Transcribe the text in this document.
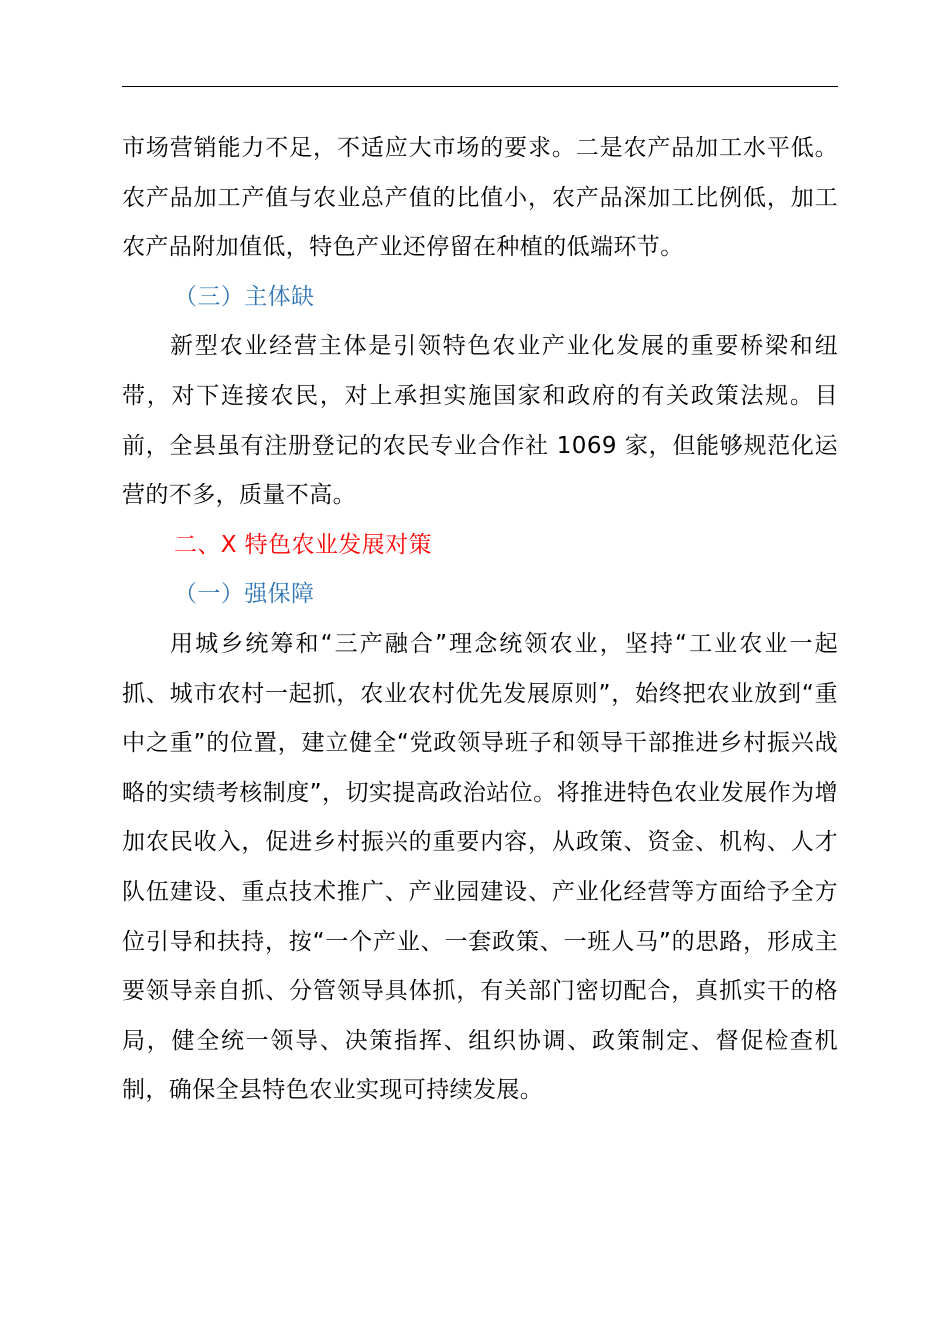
市场营销能力不足，不适应大市场的要求。二是农产品加工水平低。农产品加工产值与农业总产值的比值小，农产品深加工比例低，加工农产品附加值低，特色产业还停留在种植的低端环节。

（三）主体缺

新型农业经营主体是引领特色农业产业化发展的重要桥梁和纽带，对下连接农民，对上承担实施国家和政府的有关政策法规。目前，全县虽有注册登记的农民专业合作社 1069 家，但能够规范化运营的不多，质量不高。

二、X 特色农业发展对策

（一）强保障

用城乡统筹和“三产融合”理念统领农业，坚持“工业农业一起抓、城市农村一起抓，农业农村优先发展原则”，始终把农业放到“重中之重”的位置，建立健全“党政领导班子和领导干部推进乡村振兴战略的实绩考核制度”，切实提高政治站位。将推进特色农业发展作为增加农民收入，促进乡村振兴的重要内容，从政策、资金、机构、人才队伍建设、重点技术推广、产业园建设、产业化经营等方面给予全方位引导和扶持，按“一个产业、一套政策、一班人马”的思路，形成主要领导亲自抓、分管领导具体抓，有关部门密切配合，真抓实干的格局，健全统一领导、决策指挥、组织协调、政策制定、督促检查机制，确保全县特色农业实现可持续发展。
